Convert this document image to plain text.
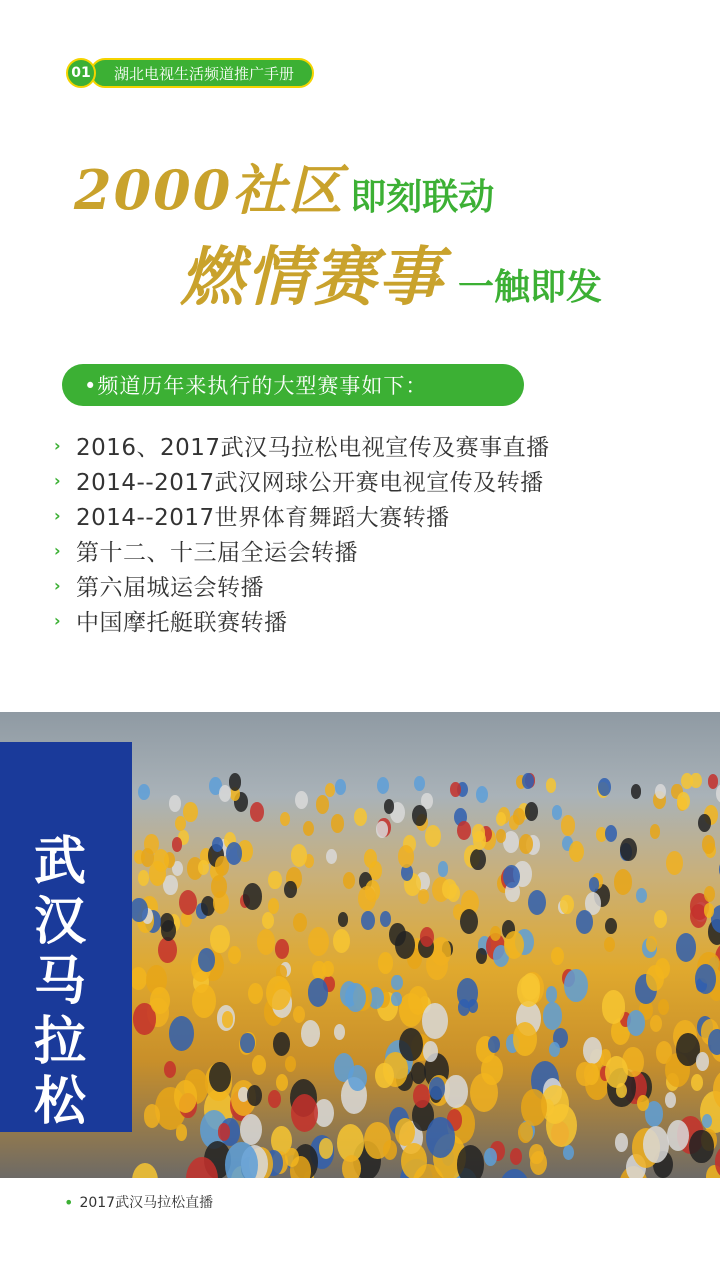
01	湖北电视生活频道推广手册
2000社区 即刻联动
燃情赛事 一触即发
•频道历年来执行的大型赛事如下：
› 2016、2017武汉马拉松电视宣传及赛事直播
› 2014--2017武汉网球公开赛电视宣传及转播
› 2014--2017世界体育舞蹈大赛转播
› 第十二、十三届全运会转播
› 第六届城运会转播
› 中国摩托艇联赛转播
武汉马拉松
• 2017武汉马拉松直播
